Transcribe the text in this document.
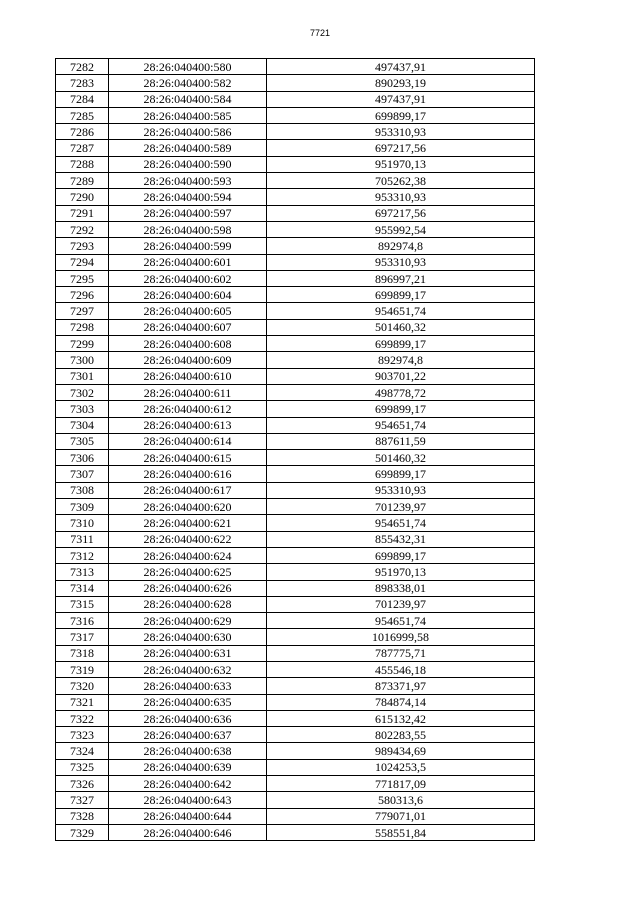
7721
7282	28:26:040400:580	497437,91
7283	28:26:040400:582	890293,19
7284	28:26:040400:584	497437,91
7285	28:26:040400:585	699899,17
7286	28:26:040400:586	953310,93
7287	28:26:040400:589	697217,56
7288	28:26:040400:590	951970,13
7289	28:26:040400:593	705262,38
7290	28:26:040400:594	953310,93
7291	28:26:040400:597	697217,56
7292	28:26:040400:598	955992,54
7293	28:26:040400:599	892974,8
7294	28:26:040400:601	953310,93
7295	28:26:040400:602	896997,21
7296	28:26:040400:604	699899,17
7297	28:26:040400:605	954651,74
7298	28:26:040400:607	501460,32
7299	28:26:040400:608	699899,17
7300	28:26:040400:609	892974,8
7301	28:26:040400:610	903701,22
7302	28:26:040400:611	498778,72
7303	28:26:040400:612	699899,17
7304	28:26:040400:613	954651,74
7305	28:26:040400:614	887611,59
7306	28:26:040400:615	501460,32
7307	28:26:040400:616	699899,17
7308	28:26:040400:617	953310,93
7309	28:26:040400:620	701239,97
7310	28:26:040400:621	954651,74
7311	28:26:040400:622	855432,31
7312	28:26:040400:624	699899,17
7313	28:26:040400:625	951970,13
7314	28:26:040400:626	898338,01
7315	28:26:040400:628	701239,97
7316	28:26:040400:629	954651,74
7317	28:26:040400:630	1016999,58
7318	28:26:040400:631	787775,71
7319	28:26:040400:632	455546,18
7320	28:26:040400:633	873371,97
7321	28:26:040400:635	784874,14
7322	28:26:040400:636	615132,42
7323	28:26:040400:637	802283,55
7324	28:26:040400:638	989434,69
7325	28:26:040400:639	1024253,5
7326	28:26:040400:642	771817,09
7327	28:26:040400:643	580313,6
7328	28:26:040400:644	779071,01
7329	28:26:040400:646	558551,84
